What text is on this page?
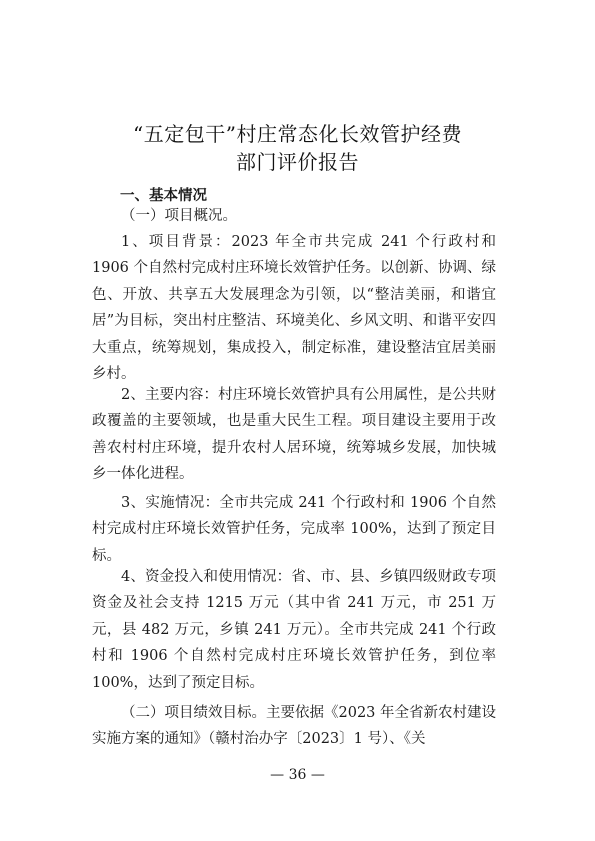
“五定包干”村庄常态化长效管护经费
部门评价报告
一、基本情况

（一）项目概况。

1、项目背景：2023 年全市共完成 241 个行政村和 1906 个自然村完成村庄环境长效管护任务。以创新、协调、绿色、开放、共享五大发展理念为引领，以“整洁美丽，和谐宜居”为目标，突出村庄整洁、环境美化、乡风文明、和谐平安四大重点，统筹规划，集成投入，制定标准，建设整洁宜居美丽乡村。

2、主要内容：村庄环境长效管护具有公用属性，是公共财政覆盖的主要领域，也是重大民生工程。项目建设主要用于改善农村村庄环境，提升农村人居环境，统筹城乡发展，加快城乡一体化进程。

3、实施情况：全市共完成 241 个行政村和 1906 个自然村完成村庄环境长效管护任务，完成率 100%，达到了预定目标。

4、资金投入和使用情况：省、市、县、乡镇四级财政专项资金及社会支持 1215 万元（其中省 241 万元，市 251 万元，县 482 万元，乡镇 241 万元）。全市共完成 241 个行政村和 1906 个自然村完成村庄环境长效管护任务，到位率 100%，达到了预定目标。

（二）项目绩效目标。主要依据《2023 年全省新农村建设实施方案的通知》（赣村治办字〔2023〕1 号）、《关

— 36 —
